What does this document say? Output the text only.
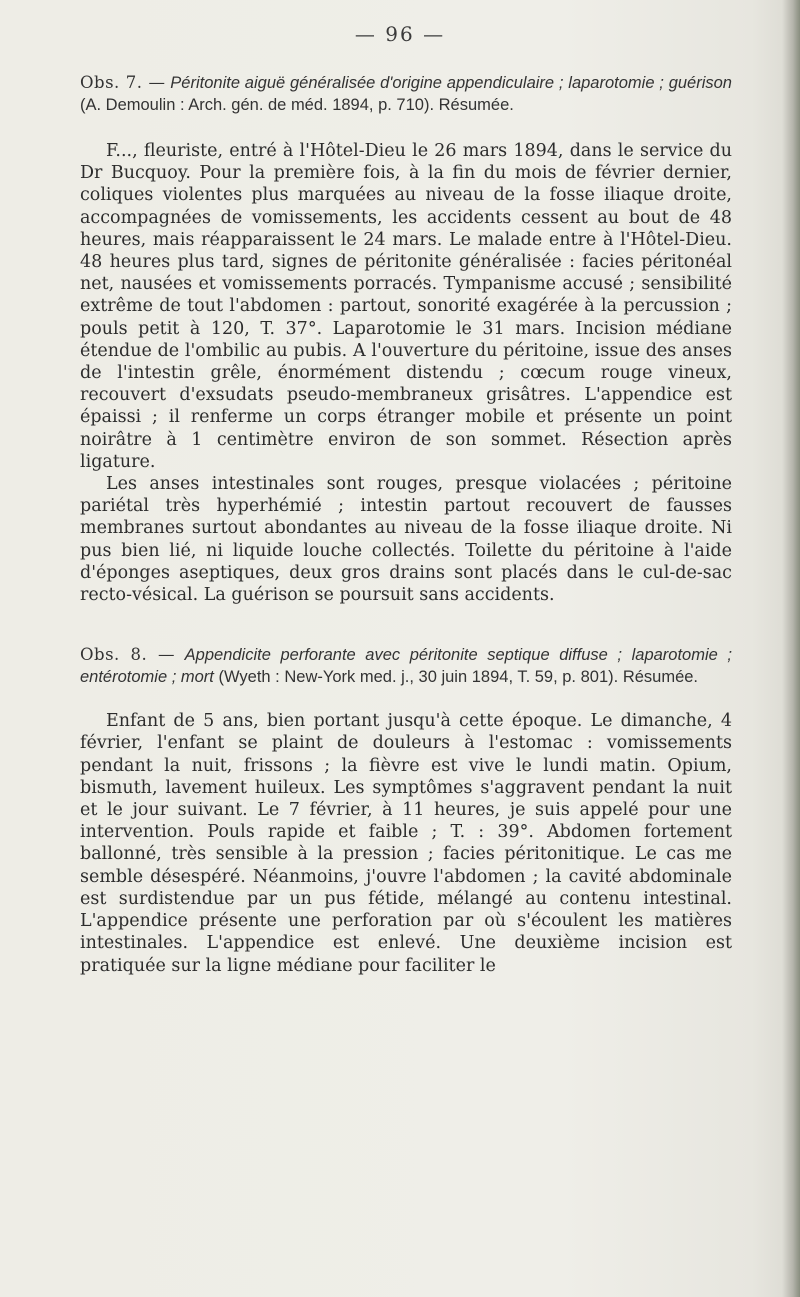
— 96 —
Obs. 7. — Péritonite aiguë généralisée d'origine appendiculaire ; laparotomie ; guérison (A. Demoulin : Arch. gén. de méd. 1894, p. 710). Résumée.

F..., fleuriste, entré à l'Hôtel-Dieu le 26 mars 1894, dans le service du Dr Bucquoy. Pour la première fois, à la fin du mois de février dernier, coliques violentes plus marquées au niveau de la fosse iliaque droite, accompagnées de vomissements, les accidents cessent au bout de 48 heures, mais réapparaissent le 24 mars. Le malade entre à l'Hôtel-Dieu. 48 heures plus tard, signes de péritonite généralisée : facies péritonéal net, nausées et vomissements porracés. Tympanisme accusé ; sensibilité extrême de tout l'abdomen : partout, sonorité exagérée à la percussion ; pouls petit à 120, T. 37°. Laparotomie le 31 mars. Incision médiane étendue de l'ombilic au pubis. A l'ouverture du péritoine, issue des anses de l'intestin grêle, énormément distendu ; cœcum rouge vineux, recouvert d'exsudats pseudo-membraneux grisâtres. L'appendice est épaissi ; il renferme un corps étranger mobile et présente un point noirâtre à 1 centimètre environ de son sommet. Résection après ligature.

Les anses intestinales sont rouges, presque violacées ; péritoine pariétal très hyperhémié ; intestin partout recouvert de fausses membranes surtout abondantes au niveau de la fosse iliaque droite. Ni pus bien lié, ni liquide louche collectés. Toilette du péritoine à l'aide d'éponges aseptiques, deux gros drains sont placés dans le cul-de-sac recto-vésical. La guérison se poursuit sans accidents.

Obs. 8. — Appendicite perforante avec péritonite septique diffuse ; laparotomie ; entérotomie ; mort (Wyeth : New-York med. j., 30 juin 1894, T. 59, p. 801). Résumée.

Enfant de 5 ans, bien portant jusqu'à cette époque. Le dimanche, 4 février, l'enfant se plaint de douleurs à l'estomac : vomissements pendant la nuit, frissons ; la fièvre est vive le lundi matin. Opium, bismuth, lavement huileux. Les symptômes s'aggravent pendant la nuit et le jour suivant. Le 7 février, à 11 heures, je suis appelé pour une intervention. Pouls rapide et faible ; T. : 39°. Abdomen fortement ballonné, très sensible à la pression ; facies péritonitique. Le cas me semble désespéré. Néanmoins, j'ouvre l'abdomen ; la cavité abdominale est surdistendue par un pus fétide, mélangé au contenu intestinal. L'appendice présente une perforation par où s'écoulent les matières intestinales. L'appendice est enlevé. Une deuxième incision est pratiquée sur la ligne médiane pour faciliter le
